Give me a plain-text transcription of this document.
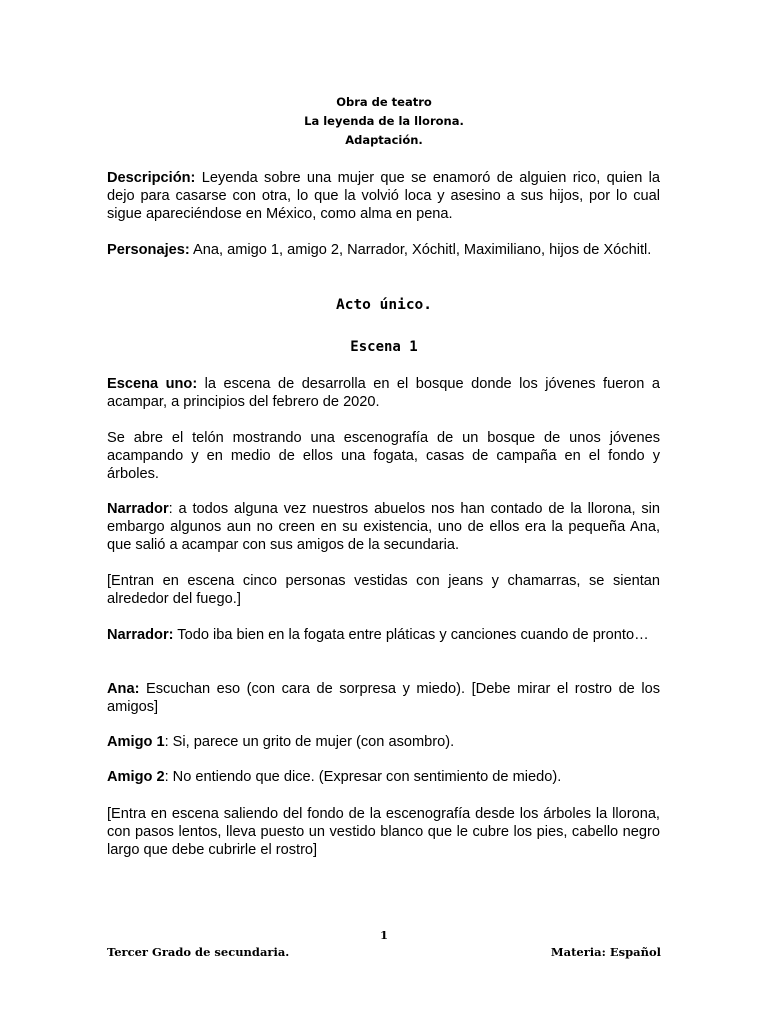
Obra de teatro
La leyenda de la llorona.
Adaptación.
Descripción: Leyenda sobre una mujer que se enamoró de alguien rico, quien la dejo para casarse con otra, lo que la volvió loca y asesino a sus hijos, por lo cual sigue apareciéndose en México, como alma en pena.
Personajes: Ana, amigo 1, amigo 2, Narrador, Xóchitl, Maximiliano, hijos de Xóchitl.
Acto único.
Escena 1
Escena uno: la escena de desarrolla en el bosque donde los jóvenes fueron a acampar, a principios del febrero de 2020.
Se abre el telón mostrando una escenografía de un bosque de unos jóvenes acampando y en medio de ellos una fogata, casas de campaña en el fondo y árboles.
Narrador: a todos alguna vez nuestros abuelos nos han contado de la llorona, sin embargo algunos aun no creen en su existencia, uno de ellos era la pequeña Ana, que salió a acampar con sus amigos de la secundaria.
[Entran en escena cinco personas vestidas con jeans y chamarras, se sientan alrededor del fuego.]
Narrador: Todo iba bien en la fogata entre pláticas y canciones cuando de pronto…
Ana: Escuchan eso (con cara de sorpresa y miedo). [Debe mirar el rostro de los amigos]
Amigo 1: Si, parece un grito de mujer (con asombro).
Amigo 2: No entiendo que dice. (Expresar con sentimiento de miedo).
[Entra en escena saliendo del fondo de la escenografía desde los árboles la llorona, con pasos lentos, lleva puesto un vestido blanco que le cubre los pies, cabello negro largo que debe cubrirle el rostro]
1
Tercer Grado de secundaria.	Materia: Español
